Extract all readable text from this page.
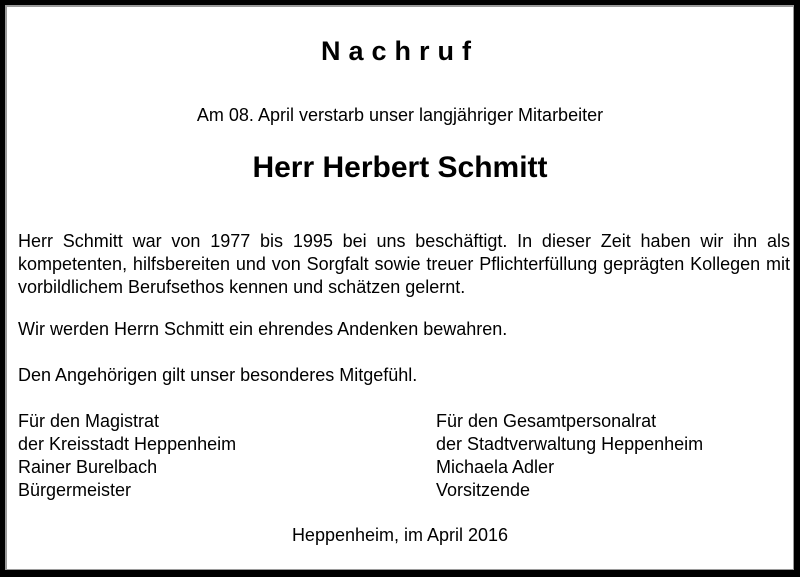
Nachruf
Am 08. April verstarb unser langjähriger Mitarbeiter
Herr Herbert Schmitt
Herr Schmitt war von 1977 bis 1995 bei uns beschäftigt. In dieser Zeit haben wir ihn als kompetenten, hilfsbereiten und von Sorgfalt sowie treuer Pflichterfüllung geprägten Kollegen mit vorbildlichem Berufsethos kennen und schätzen gelernt.
Wir werden Herrn Schmitt ein ehrendes Andenken bewahren.
Den Angehörigen gilt unser besonderes Mitgefühl.
Für den Magistrat
der Kreisstadt Heppenheim
Rainer Burelbach
Bürgermeister
Für den Gesamtpersonalrat
der Stadtverwaltung Heppenheim
Michaela Adler
Vorsitzende
Heppenheim, im April 2016
